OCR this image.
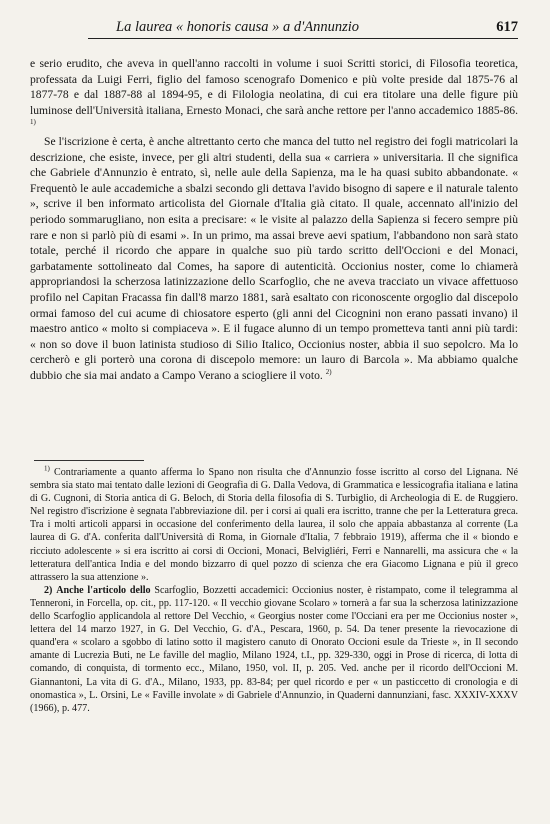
La laurea « honoris causa » a d'Annunzio	617

e serio erudito, che aveva in quell'anno raccolti in volume i suoi Scritti storici, di Filosofia teoretica, professata da Luigi Ferri, figlio del famoso scenografo Domenico e più volte preside dal 1875-76 al 1877-78 e dal 1887-88 al 1894-95, e di Filologia neolatina, di cui era titolare una delle figure più luminose dell'Università italiana, Ernesto Monaci, che sarà anche rettore per l'anno accademico 1885-86. $^{1)}$

Se l'iscrizione è certa, è anche altrettanto certo che manca del tutto nel registro dei fogli matricolari la descrizione, che esiste, invece, per gli altri studenti, della sua « carriera » universitaria. Il che significa che Gabriele d'Annunzio è entrato, sì, nelle aule della Sapienza, ma le ha quasi subito abbandonate. « Frequentò le aule accademiche a sbalzi secondo gli dettava l'avido bisogno di sapere e il naturale talento », scrive il ben informato articolista del Giornale d'Italia già citato. Il quale, accennato all'inizio del periodo sommarugliano, non esita a precisare: « le visite al palazzo della Sapienza si fecero sempre più rare e non si parlò più di esami ». In un primo, ma assai breve aevi spatium, l'abbandono non sarà stato totale, perché il ricordo che appare in qualche suo più tardo scritto dell'Occioni e del Monaci, garbatamente sottolineato dal Comes, ha sapore di autenticità. Occionius noster, come lo chiamerà appropriandosi la scherzosa latinizzazione dello Scarfoglio, che ne aveva tracciato un vivace affettuoso profilo nel Capitan Fracassa fin dall'8 marzo 1881, sarà esaltato con riconoscente orgoglio dal discepolo ormai famoso del cui acume di chiosatore esperto (gli anni del Cicognini non erano passati invano) il maestro antico « molto si compiaceva ». E il fugace alunno di un tempo prometteva tanti anni più tardi: « non so dove il buon latinista studioso di Silio Italico, Occionius noster, abbia il suo sepolcro. Ma lo cercherò e gli porterò una corona di discepolo memore: un lauro di Barcola ». Ma abbiamo qualche dubbio che sia mai andato a Campo Verano a sciogliere il voto. $^{2)}$

$^{1)}$ Contrariamente a quanto afferma lo Spano non risulta che d'Annunzio fosse iscritto al corso del Lignana. Né sembra sia stato mai tentato dalle lezioni di Geografia di G. Dalla Vedova, di Grammatica e lessicografia italiana e latina di G. Cugnoni, di Storia antica di G. Beloch, di Storia della filosofia di S. Turbiglio, di Archeologia di E. de Ruggiero. Nel registro d'iscrizione è segnata l'abbreviazione dil. per i corsi ai quali era iscritto, tranne che per la Letteratura greca. Tra i molti articoli apparsi in occasione del conferimento della laurea, il solo che appaia abbastanza al corrente (La laurea di G. d'A. conferita dall'Università di Roma, in Giornale d'Italia, 7 febbraio 1919), afferma che il « biondo e ricciuto adolescente » si era iscritto ai corsi di Occioni, Monaci, Belvigliéri, Ferri e Nannarelli, ma assicura che « la letteratura dell'antica India e del mondo bizzarro di quel pozzo di scienza che era Giacomo Lignana e più il greco attrassero la sua attenzione ».

2) Anche l'articolo dello Scarfoglio, Bozzetti accademici: Occionius noster, è ristampato, come il telegramma al Tenneroni, in Forcella, op. cit., pp. 117-120. « Il vecchio giovane Scolaro » tornerà a far sua la scherzosa latinizzazione dello Scarfoglio applicandola al rettore Del Vecchio, « Georgius noster come l'Occiani era per me Occionius noster », lettera del 14 marzo 1927, in G. Del Vecchio, G. d'A., Pescara, 1960, p. 54. Da tener presente la rievocazione di quand'era « scolaro a sgobbo di latino sotto il magistero canuto di Onorato Occioni esule da Trieste », in Il secondo amante di Lucrezia Buti, ne Le faville del maglio, Milano 1924, t.I., pp. 329-330, oggi in Prose di ricerca, di lotta di comando, di conquista, di tormento ecc., Milano, 1950, vol. II, p. 205. Ved. anche per il ricordo dell'Occioni M. Giannantoni, La vita di G. d'A., Milano, 1933, pp. 83-84; per quel ricordo e per « un pasticcetto di cronologia e di onomastica », L. Orsini, Le « Faville involate » di Gabriele d'Annunzio, in Quaderni dannunziani, fasc. XXXIV-XXXV (1966), p. 477.
